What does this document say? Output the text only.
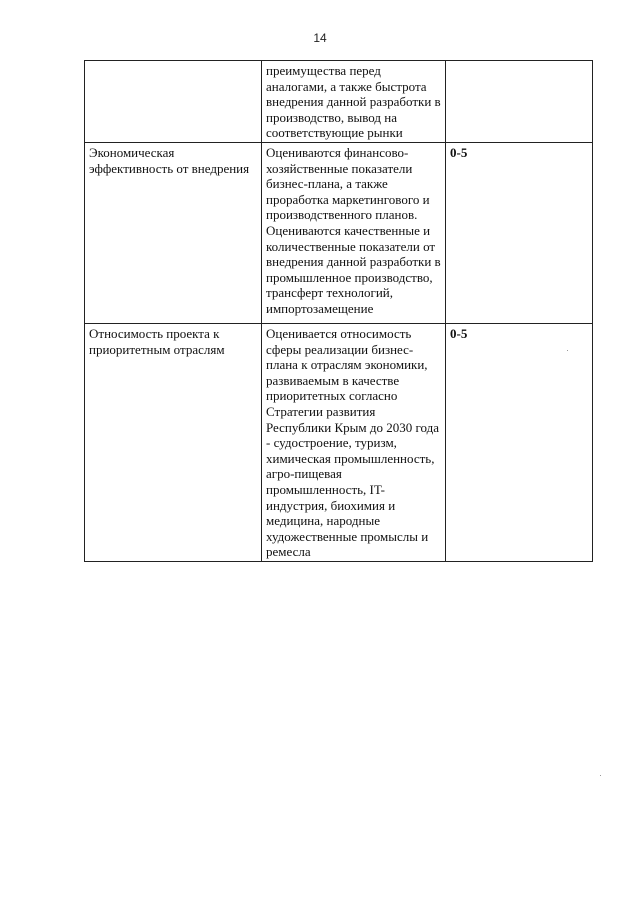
14
	преимущества перед аналогами, а также быстрота внедрения данной разработки в производство, вывод на соответствующие рынки	
Экономическая эффективность от внедрения	Оцениваются финансово-хозяйственные показатели бизнес-плана, а также проработка маркетингового и производственного планов. Оцениваются качественные и количественные показатели от внедрения данной разработки в промышленное производство, трансферт технологий, импортозамещение	0-5
Относимость проекта к приоритетным отраслям	Оценивается относимость сферы реализации бизнес-плана к отраслям экономики, развиваемым в качестве приоритетных согласно Стратегии развития Республики Крым до 2030 года - судостроение, туризм, химическая промышленность, агро-пищевая промышленность, IT-индустрия, биохимия и медицина, народные художественные промыслы и ремесла	0-5
